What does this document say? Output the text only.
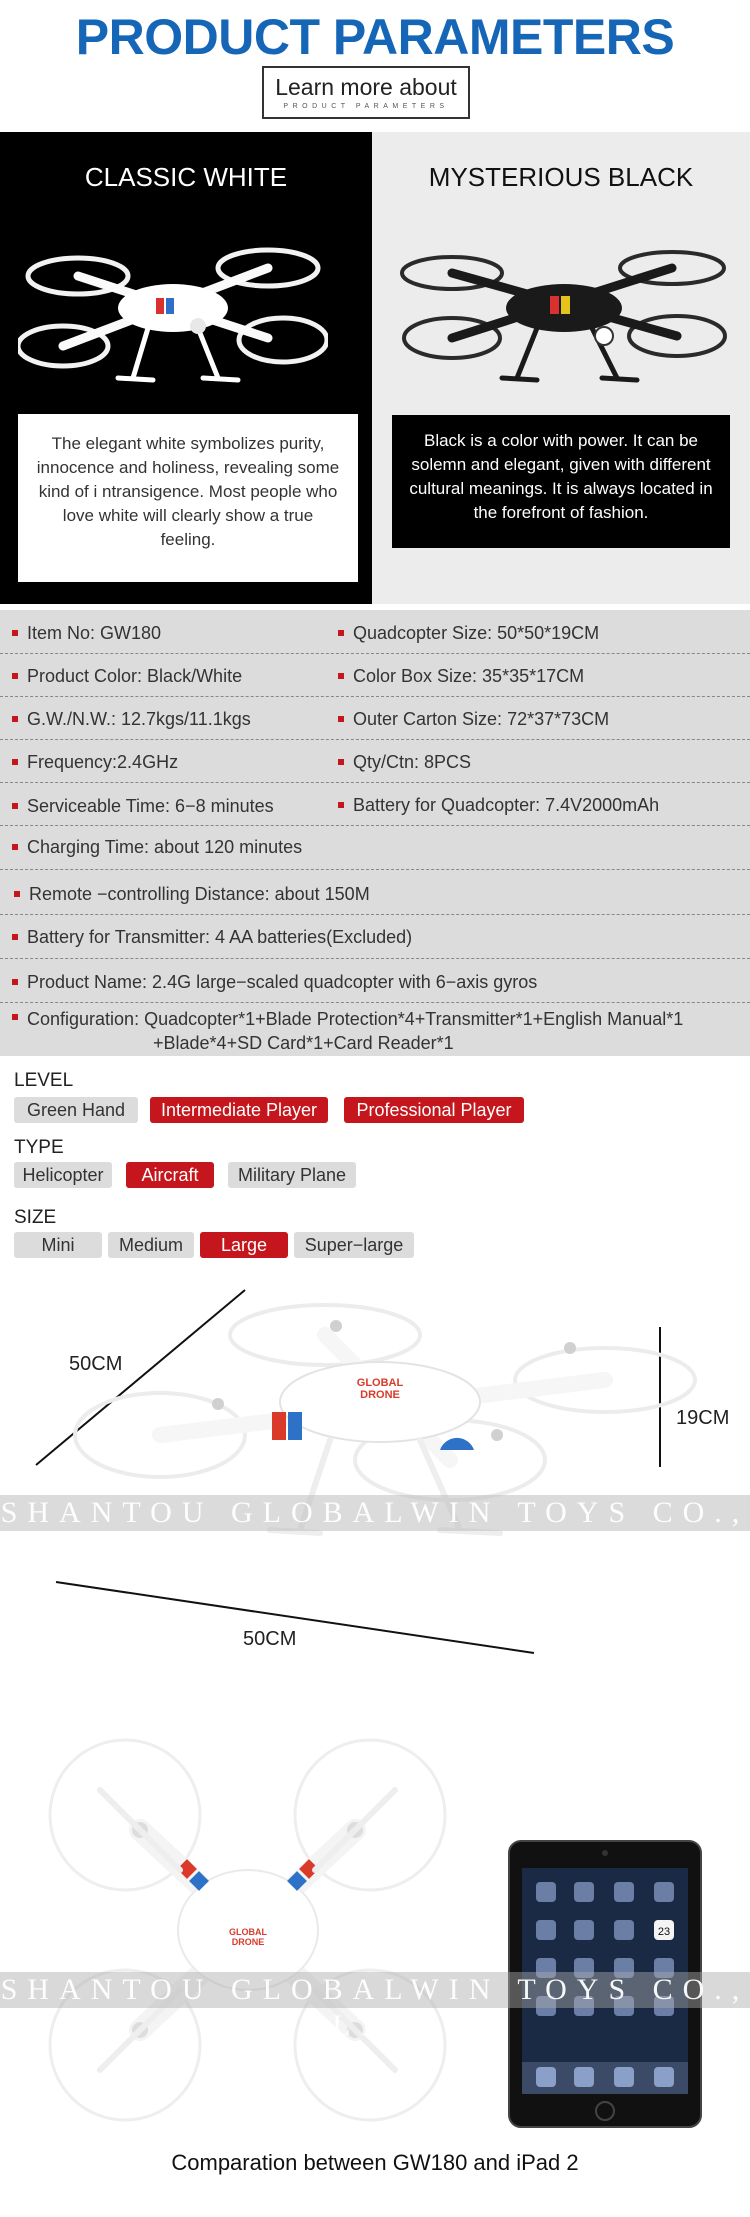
PRODUCT PARAMETERS
Learn more about
PRODUCT PARAMETERS
CLASSIC WHITE
The elegant white symbolizes purity, innocence and holiness, revealing some kind of i ntransigence. Most people who love white will clearly show a true feeling.
MYSTERIOUS BLACK
Black is a color with power. It can be solemn and elegant, given with different cultural meanings. It is always located in the forefront of fashion.
Item No: GW180	Quadcopter Size: 50*50*19CM
Product Color: Black/White	Color Box Size: 35*35*17CM
G.W./N.W.: 12.7kgs/11.1kgs	Outer Carton Size: 72*37*73CM
Frequency:2.4GHz	Qty/Ctn: 8PCS
Serviceable Time: 6−8 minutes	Battery for Quadcopter: 7.4V2000mAh
Charging Time: about 120 minutes
Remote −controlling Distance: about 150M
Battery for Transmitter: 4 AA batteries(Excluded)
Product Name: 2.4G large−scaled quadcopter with 6−axis gyros
Configuration: Quadcopter*1+Blade Protection*4+Transmitter*1+English Manual*1
+Blade*4+SD Card*1+Card Reader*1
LEVEL
Green Hand	Intermediate Player	Professional Player
TYPE
Helicopter	Aircraft	Military Plane
SIZE
Mini	Medium	Large	Super−large
GLOBAL
DRONE
SHANTOU GLOBALWIN TOYS CO., LTD
50CM
19CM
50CM
GLOBAL
DRONE
23
SHANTOU GLOBALWIN TOYS CO., LTD
Comparation between GW180 and iPad 2
